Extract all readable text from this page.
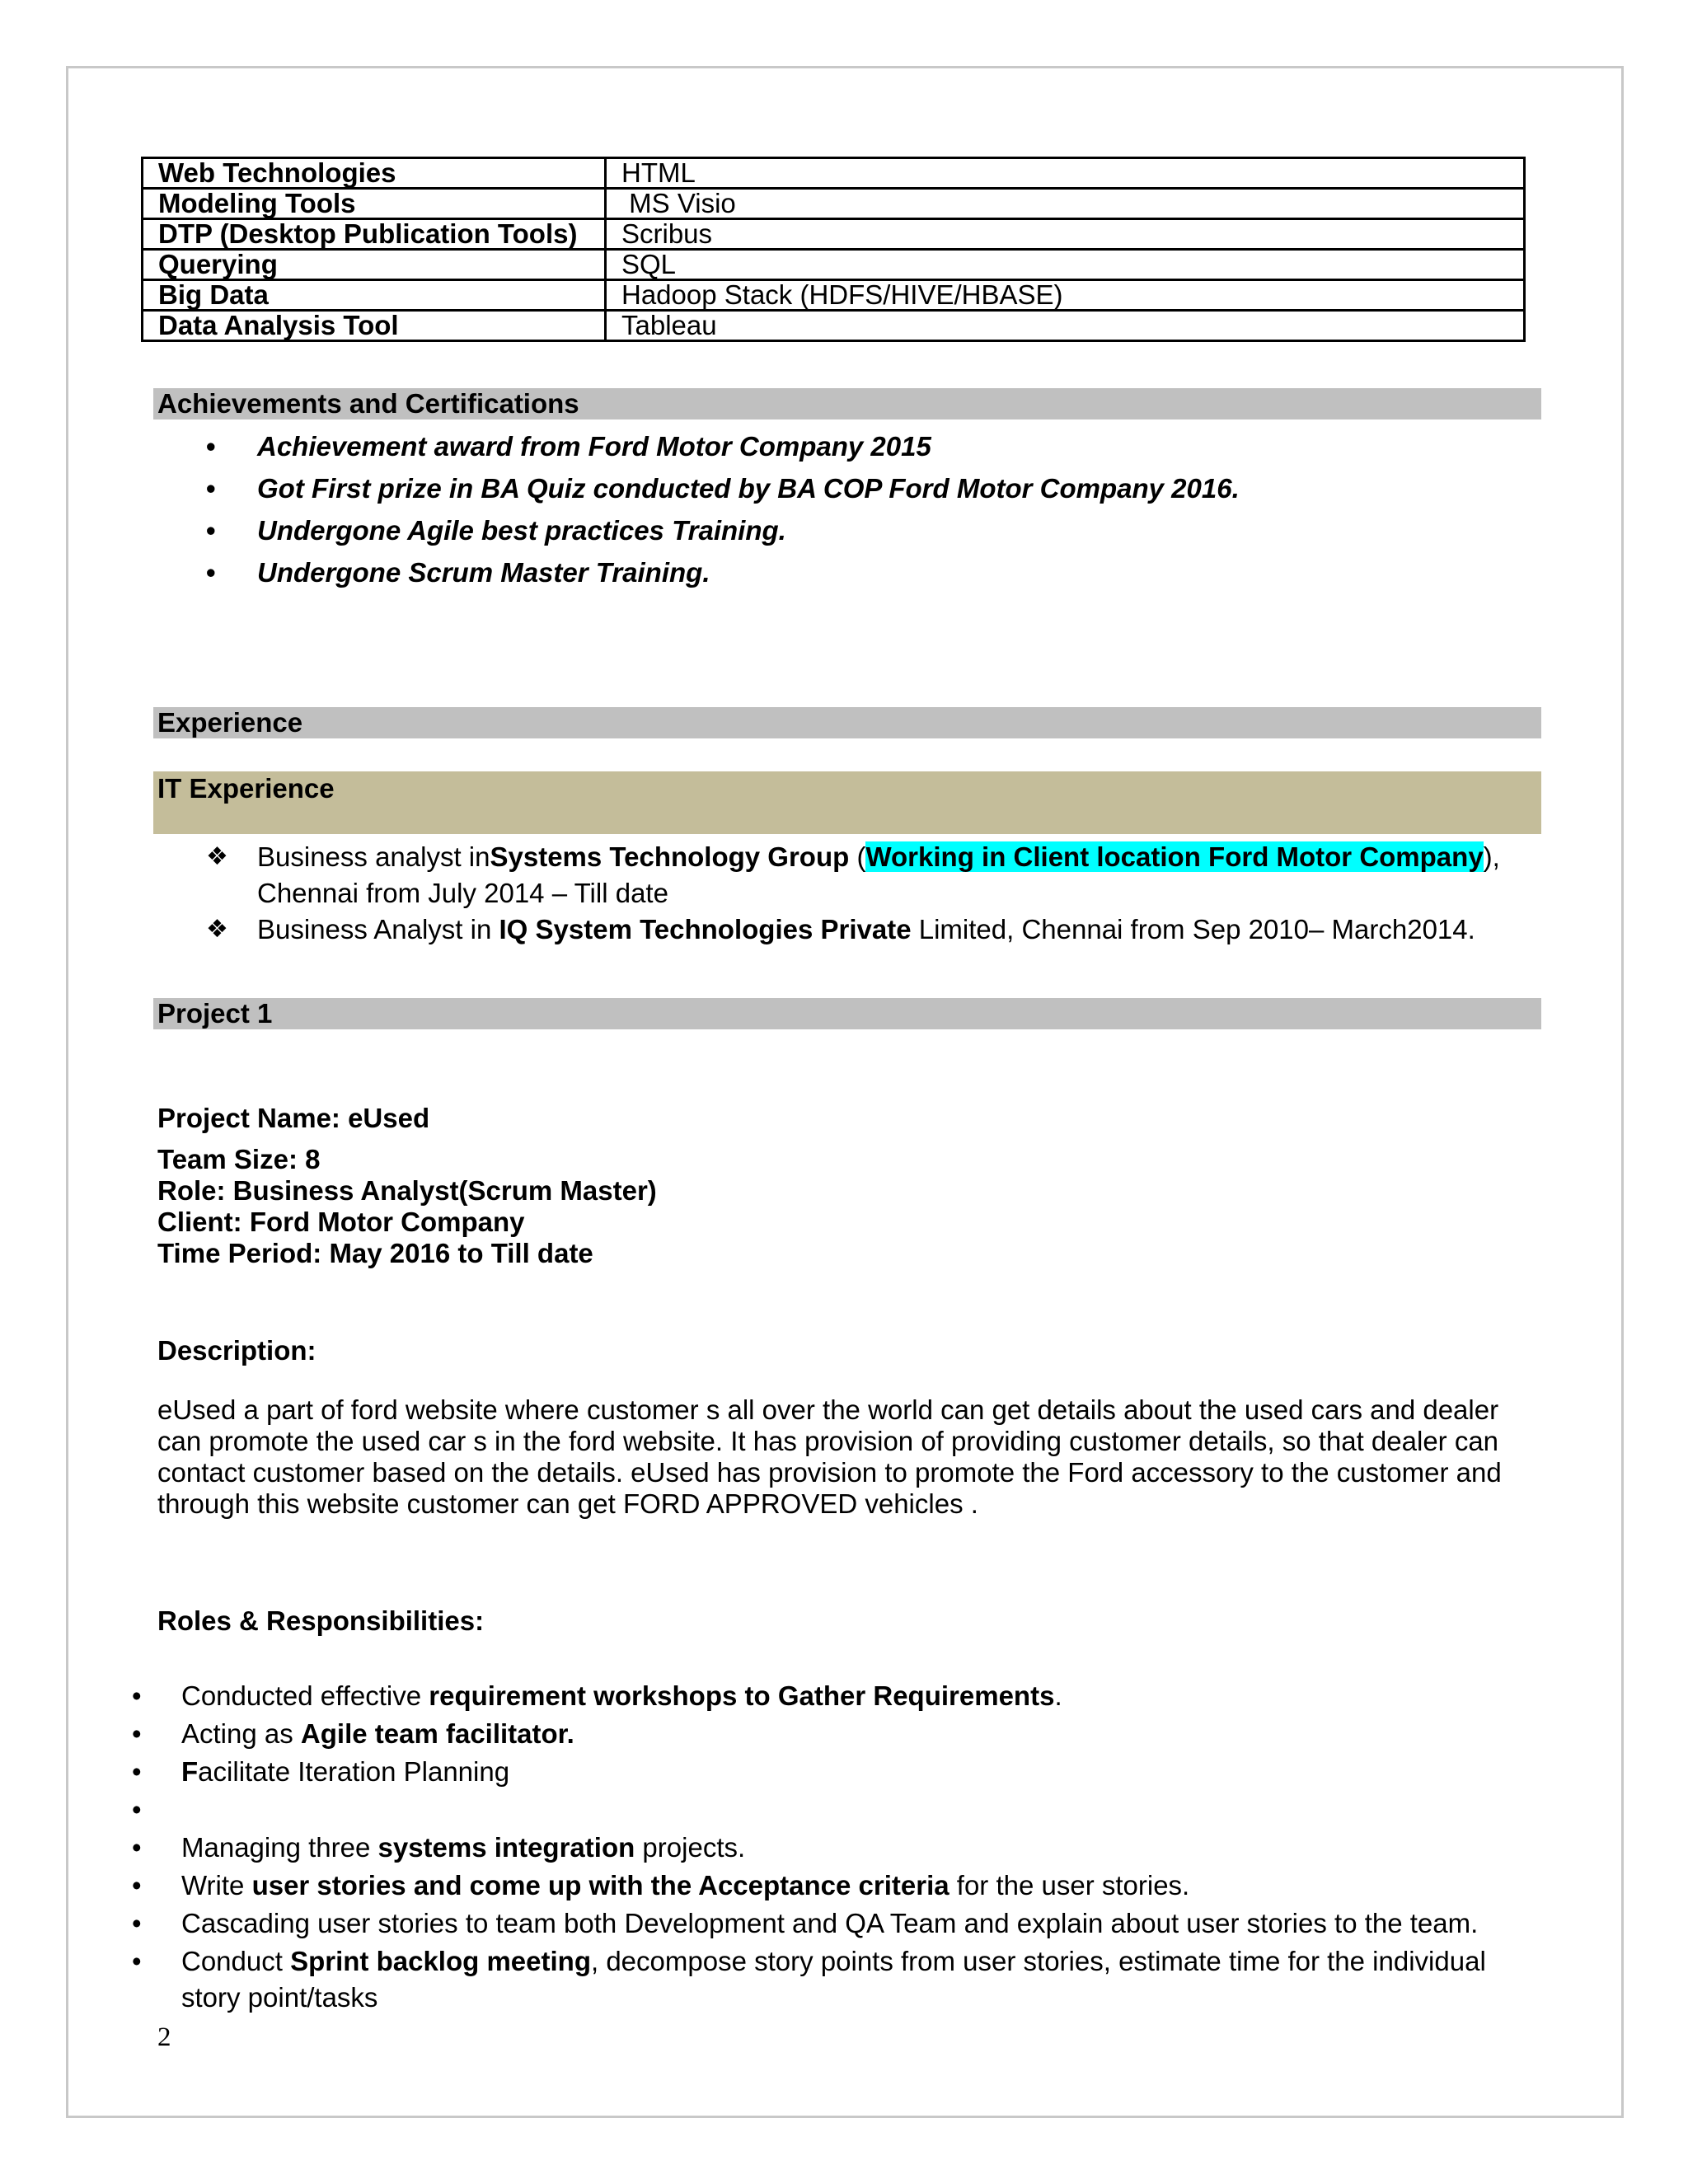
Web Technologies	HTML
Modeling Tools	MS Visio
DTP (Desktop Publication Tools)	Scribus
Querying	SQL
Big Data	Hadoop Stack (HDFS/HIVE/HBASE)
Data Analysis Tool	Tableau
Achievements and Certifications
• Achievement award from Ford Motor Company 2015
• Got First prize in BA Quiz conducted by BA COP Ford Motor Company 2016.
• Undergone Agile best practices Training.
• Undergone Scrum Master Training.
Experience
IT Experience
❖ Business analyst inSystems Technology Group (Working in Client location Ford Motor Company),
Chennai from July 2014 – Till date
❖ Business Analyst in IQ System Technologies Private Limited, Chennai from Sep 2010– March2014.
Project 1
Project Name: eUsed
Team Size: 8
Role: Business Analyst(Scrum Master)
Client: Ford Motor Company
Time Period: May 2016 to Till date
Description:
eUsed a part of ford website where customer s all over the world can get details about the used cars and dealer can promote the used car s in the ford website. It has provision of providing customer details, so that dealer can contact customer based on the details. eUsed has provision to promote the Ford accessory to the customer and through this website customer can get FORD APPROVED vehicles .
Roles & Responsibilities:
• Conducted effective requirement workshops to Gather Requirements.
• Acting as Agile team facilitator.
• Facilitate Iteration Planning
•
• Managing three systems integration projects.
• Write user stories and come up with the Acceptance criteria for the user stories.
• Cascading user stories to team both Development and QA Team and explain about user stories to the team.
• Conduct Sprint backlog meeting, decompose story points from user stories, estimate time for the individual story point/tasks
2
